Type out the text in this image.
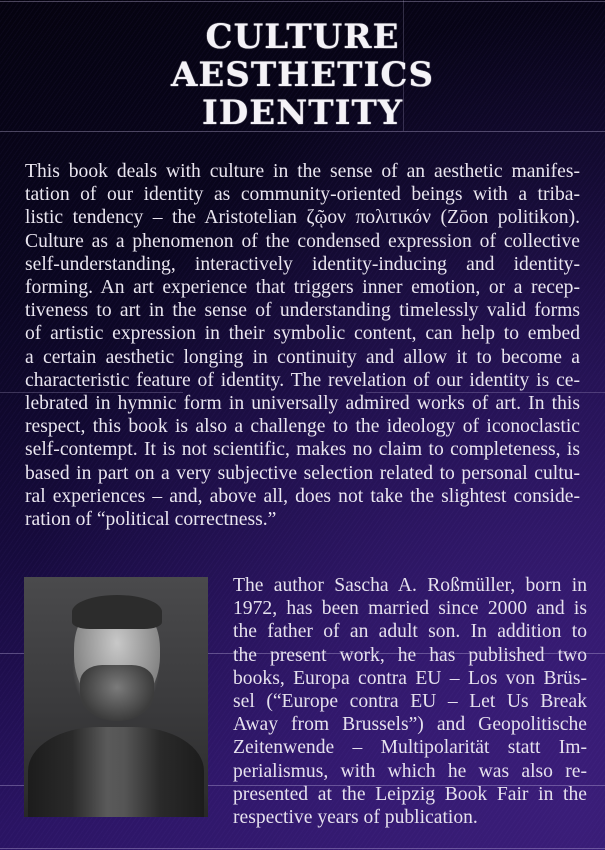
CULTURE
AESTHETICS
IDENTITY
This book deals with culture in the sense of an aesthetic manifes-
tation of our identity as community-oriented beings with a triba-
listic tendency – the Aristotelian ζῷον πολιτικόν (Zōon politikon).
Culture as a phenomenon of the condensed expression of collective
self-understanding, interactively identity-inducing and identity-
forming. An art experience that triggers inner emotion, or a recep-
tiveness to art in the sense of understanding timelessly valid forms
of artistic expression in their symbolic content, can help to embed
a certain aesthetic longing in continuity and allow it to become a
characteristic feature of identity. The revelation of our identity is ce-
lebrated in hymnic form in universally admired works of art. In this
respect, this book is also a challenge to the ideology of iconoclastic
self-contempt. It is not scientific, makes no claim to completeness, is
based in part on a very subjective selection related to personal cultu-
ral experiences – and, above all, does not take the slightest conside-
ration of “political correctness.”
The author Sascha A. Roßmüller, born in
1972, has been married since 2000 and is
the father of an adult son. In addition to
the present work, he has published two
books, Europa contra EU – Los von Brüs-
sel (“Europe contra EU – Let Us Break
Away from Brussels”) and Geopolitische
Zeitenwende – Multipolarität statt Im-
perialismus, with which he was also re-
presented at the Leipzig Book Fair in the
respective years of publication.
